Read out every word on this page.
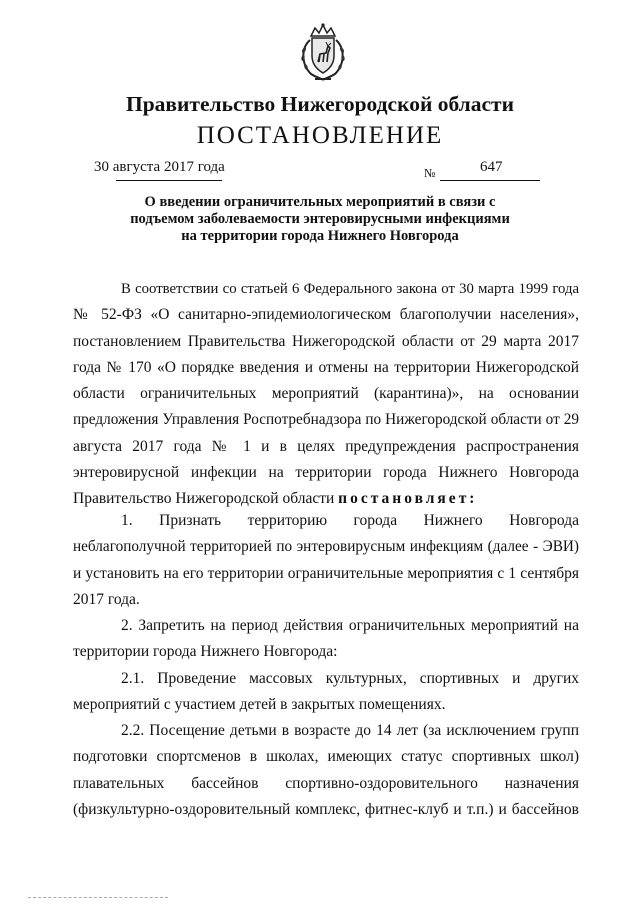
Правительство Нижегородской области
ПОСТАНОВЛЕНИЕ
30 августа 2017 года	№	647
О введении ограничительных мероприятий в связи с
подъемом заболеваемости энтеровирусными инфекциями
на территории города Нижнего Новгорода
В соответствии со статьей 6 Федерального закона от 30 марта 1999 года
№ 52-ФЗ «О санитарно-эпидемиологическом благополучии населения»,
постановлением Правительства Нижегородской области от 29 марта 2017
года № 170 «О порядке введения и отмены на территории Нижегородской
области ограничительных мероприятий (карантина)», на основании
предложения Управления Роспотребнадзора по Нижегородской области от 29
августа 2017 года № 1 и в целях предупреждения распространения
энтеровирусной инфекции на территории города Нижнего Новгорода
Правительство Нижегородской области постановляет:
1. Признать территорию города Нижнего Новгорода
неблагополучной территорией по энтеровирусным инфекциям (далее - ЭВИ)
и установить на его территории ограничительные мероприятия с 1 сентября
2017 года.
2. Запретить на период действия ограничительных мероприятий на
территории города Нижнего Новгорода:
2.1. Проведение массовых культурных, спортивных и других
мероприятий с участием детей в закрытых помещениях.
2.2. Посещение детьми в возрасте до 14 лет (за исключением групп
подготовки спортсменов в школах, имеющих статус спортивных школ)
плавательных бассейнов спортивно-оздоровительного назначения
(физкультурно-оздоровительный комплекс, фитнес-клуб и т.п.) и бассейнов
